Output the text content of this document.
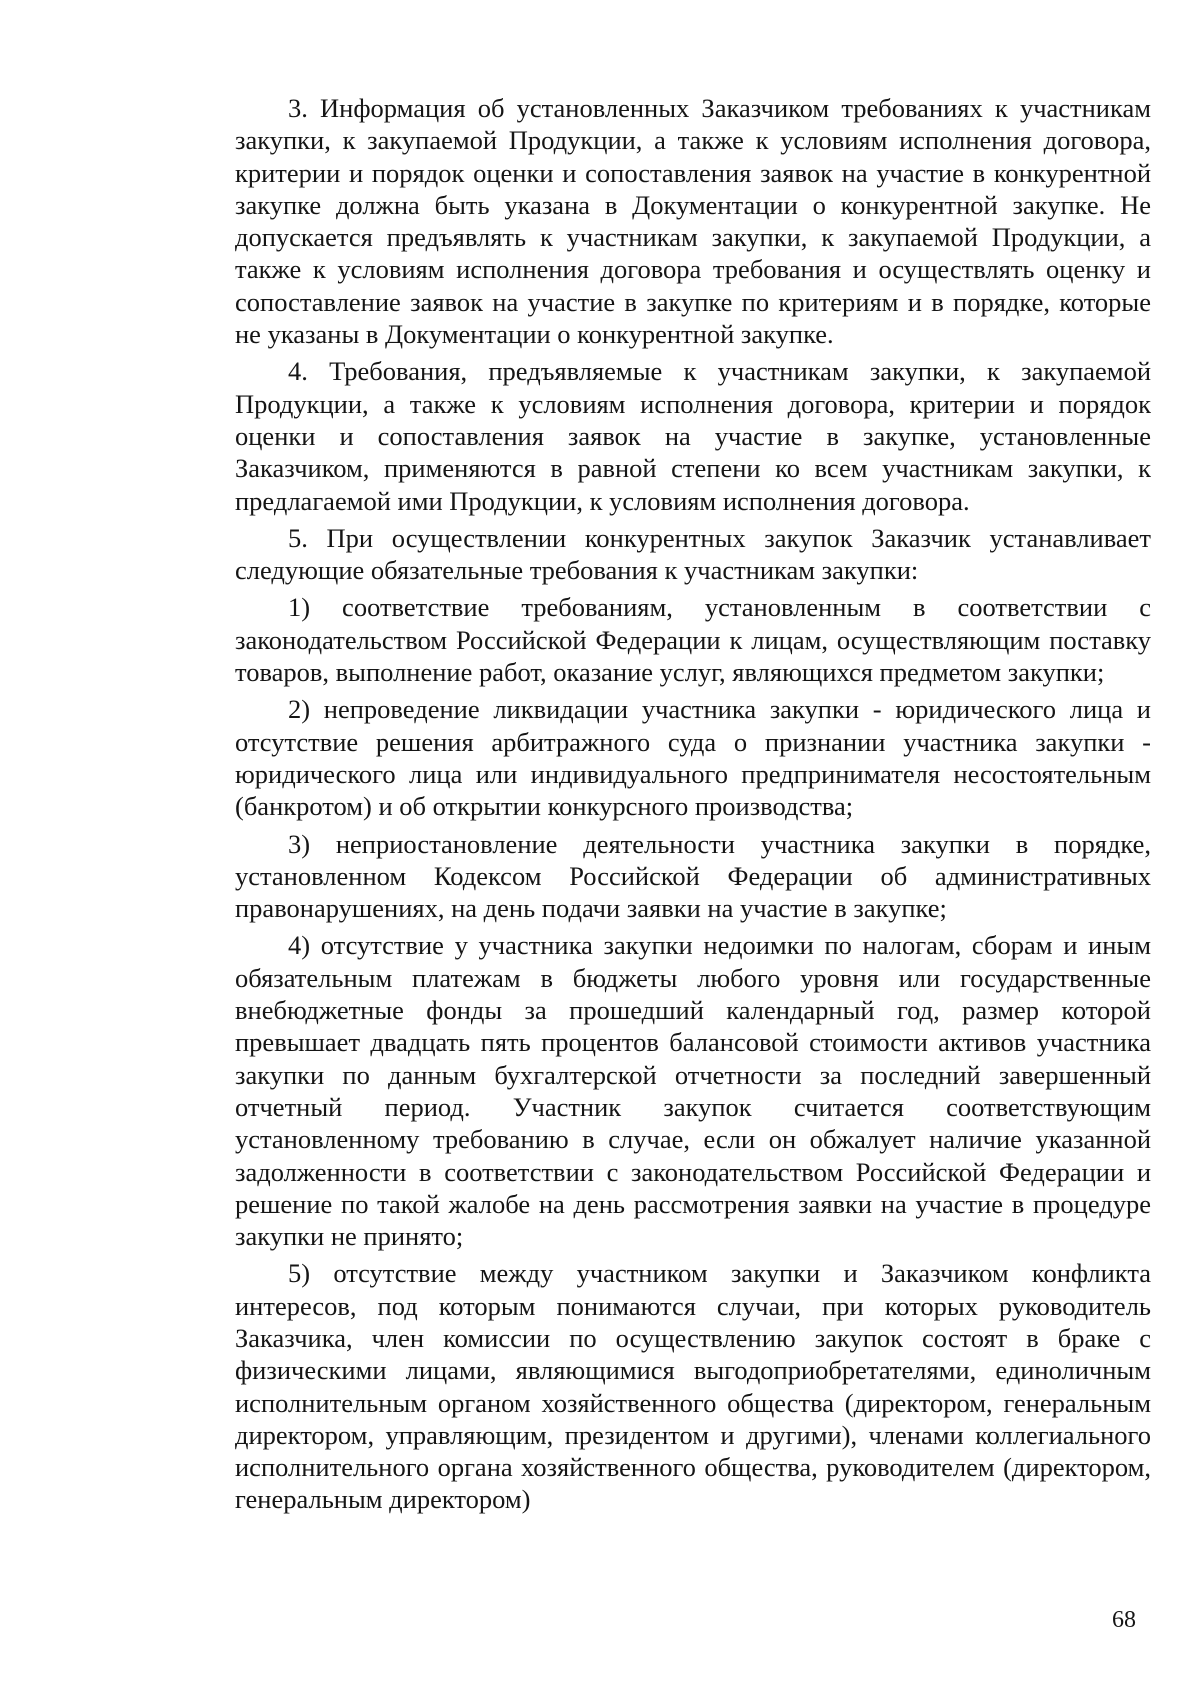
3. Информация об установленных Заказчиком требованиях к участникам закупки, к закупаемой Продукции, а также к условиям исполнения договора, критерии и порядок оценки и сопоставления заявок на участие в конкурентной закупке должна быть указана в Документации о конкурентной закупке. Не допускается предъявлять к участникам закупки, к закупаемой Продукции, а также к условиям исполнения договора требования и осуществлять оценку и сопоставление заявок на участие в закупке по критериям и в порядке, которые не указаны в Документации о конкурентной закупке.

4. Требования, предъявляемые к участникам закупки, к закупаемой Продукции, а также к условиям исполнения договора, критерии и порядок оценки и сопоставления заявок на участие в закупке, установленные Заказчиком, применяются в равной степени ко всем участникам закупки, к предлагаемой ими Продукции, к условиям исполнения договора.

5. При осуществлении конкурентных закупок Заказчик устанавливает следующие обязательные требования к участникам закупки:

1) соответствие требованиям, установленным в соответствии с законодательством Российской Федерации к лицам, осуществляющим поставку товаров, выполнение работ, оказание услуг, являющихся предметом закупки;

2) непроведение ликвидации участника закупки - юридического лица и отсутствие решения арбитражного суда о признании участника закупки - юридического лица или индивидуального предпринимателя несостоятельным (банкротом) и об открытии конкурсного производства;

3) неприостановление деятельности участника закупки в порядке, установленном Кодексом Российской Федерации об административных правонарушениях, на день подачи заявки на участие в закупке;

4) отсутствие у участника закупки недоимки по налогам, сборам и иным обязательным платежам в бюджеты любого уровня или государственные внебюджетные фонды за прошедший календарный год, размер которой превышает двадцать пять процентов балансовой стоимости активов участника закупки по данным бухгалтерской отчетности за последний завершенный отчетный период. Участник закупок считается соответствующим установленному требованию в случае, если он обжалует наличие указанной задолженности в соответствии с законодательством Российской Федерации и решение по такой жалобе на день рассмотрения заявки на участие в процедуре закупки не принято;

5) отсутствие между участником закупки и Заказчиком конфликта интересов, под которым понимаются случаи, при которых руководитель Заказчика, член комиссии по осуществлению закупок состоят в браке с физическими лицами, являющимися выгодоприобретателями, единоличным исполнительным органом хозяйственного общества (директором, генеральным директором, управляющим, президентом и другими), членами коллегиального исполнительного органа хозяйственного общества, руководителем (директором, генеральным директором)

68
